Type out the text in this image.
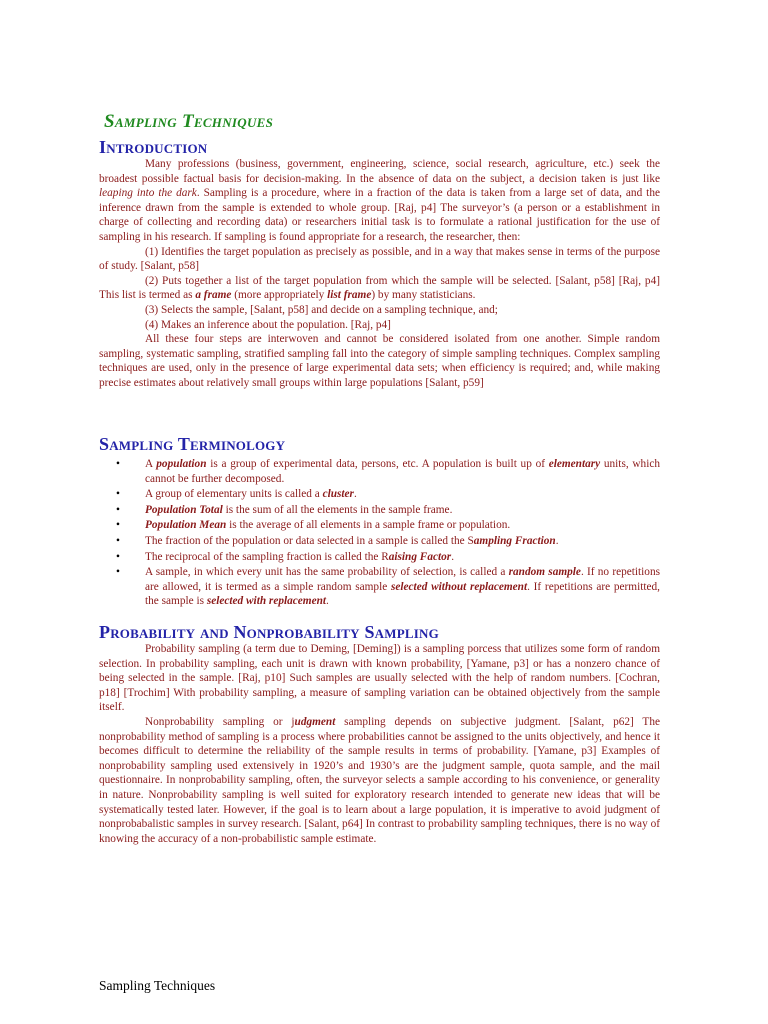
Sampling Techniques
Introduction

Many professions (business, government, engineering, science, social research, agriculture, etc.) seek the broadest possible factual basis for decision-making. In the absence of data on the subject, a decision taken is just like leaping into the dark. Sampling is a procedure, where in a fraction of the data is taken from a large set of data, and the inference drawn from the sample is extended to whole group. [Raj, p4] The surveyor’s (a person or a establishment in charge of collecting and recording data) or researchers initial task is to formulate a rational justification for the use of sampling in his research. If sampling is found appropriate for a research, the researcher, then:

(1) Identifies the target population as precisely as possible, and in a way that makes sense in terms of the purpose of study. [Salant, p58]

(2) Puts together a list of the target population from which the sample will be selected. [Salant, p58] [Raj, p4] This list is termed as a frame (more appropriately list frame) by many statisticians.

(3) Selects the sample, [Salant, p58] and decide on a sampling technique, and;

(4) Makes an inference about the population. [Raj, p4]

All these four steps are interwoven and cannot be considered isolated from one another. Simple random sampling, systematic sampling, stratified sampling fall into the category of simple sampling techniques. Complex sampling techniques are used, only in the presence of large experimental data sets; when efficiency is required; and, while making precise estimates about relatively small groups within large populations [Salant, p59]

Sampling Terminology
• A population is a group of experimental data, persons, etc. A population is built up of elementary units, which cannot be further decomposed.
• A group of elementary units is called a cluster.
• Population Total is the sum of all the elements in the sample frame.
• Population Mean is the average of all elements in a sample frame or population.
• The fraction of the population or data selected in a sample is called the Sampling Fraction.
• The reciprocal of the sampling fraction is called the Raising Factor.
• A sample, in which every unit has the same probability of selection, is called a random sample. If no repetitions are allowed, it is termed as a simple random sample selected without replacement. If repetitions are permitted, the sample is selected with replacement.
Probability and Nonprobability Sampling

Probability sampling (a term due to Deming, [Deming]) is a sampling porcess that utilizes some form of random selection. In probability sampling, each unit is drawn with known probability, [Yamane, p3] or has a nonzero chance of being selected in the sample. [Raj, p10] Such samples are usually selected with the help of random numbers. [Cochran, p18] [Trochim] With probability sampling, a measure of sampling variation can be obtained objectively from the sample itself.

Nonprobability sampling or judgment sampling depends on subjective judgment. [Salant, p62] The nonprobability method of sampling is a process where probabilities cannot be assigned to the units objectively, and hence it becomes difficult to determine the reliability of the sample results in terms of probability. [Yamane, p3] Examples of nonprobability sampling used extensively in 1920’s and 1930’s are the judgment sample, quota sample, and the mail questionnaire. In nonprobability sampling, often, the surveyor selects a sample according to his convenience, or generality in nature. Nonprobability sampling is well suited for exploratory research intended to generate new ideas that will be systematically tested later. However, if the goal is to learn about a large population, it is imperative to avoid judgment of nonprobabalistic samples in survey research. [Salant, p64] In contrast to probability sampling techniques, there is no way of knowing the accuracy of a non-probabilistic sample estimate.

Sampling Techniques
